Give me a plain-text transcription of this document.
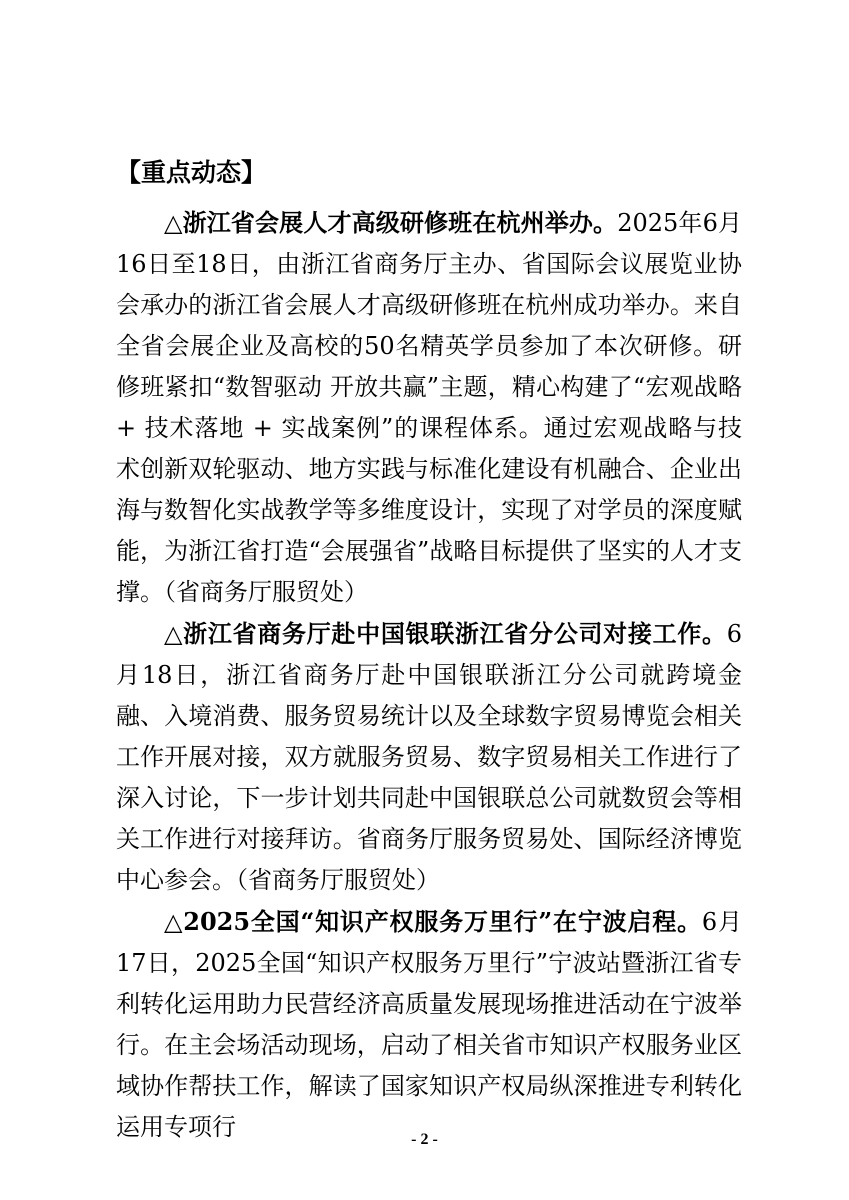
【重点动态】

△浙江省会展人才高级研修班在杭州举办。2025年6月16日至18日，由浙江省商务厅主办、省国际会议展览业协会承办的浙江省会展人才高级研修班在杭州成功举办。来自全省会展企业及高校的50名精英学员参加了本次研修。研修班紧扣“数智驱动 开放共赢”主题，精心构建了“宏观战略 + 技术落地 + 实战案例”的课程体系。通过宏观战略与技术创新双轮驱动、地方实践与标准化建设有机融合、企业出海与数智化实战教学等多维度设计，实现了对学员的深度赋能，为浙江省打造“会展强省”战略目标提供了坚实的人才支撑。（省商务厅服贸处）

△浙江省商务厅赴中国银联浙江省分公司对接工作。6月18日，浙江省商务厅赴中国银联浙江分公司就跨境金融、入境消费、服务贸易统计以及全球数字贸易博览会相关工作开展对接，双方就服务贸易、数字贸易相关工作进行了深入讨论，下一步计划共同赴中国银联总公司就数贸会等相关工作进行对接拜访。省商务厅服务贸易处、国际经济博览中心参会。（省商务厅服贸处）

△2025全国“知识产权服务万里行”在宁波启程。6月17日，2025全国“知识产权服务万里行”宁波站暨浙江省专利转化运用助力民营经济高质量发展现场推进活动在宁波举行。在主会场活动现场，启动了相关省市知识产权服务业区域协作帮扶工作，解读了国家知识产权局纵深推进专利转化运用专项行	- 2 -
